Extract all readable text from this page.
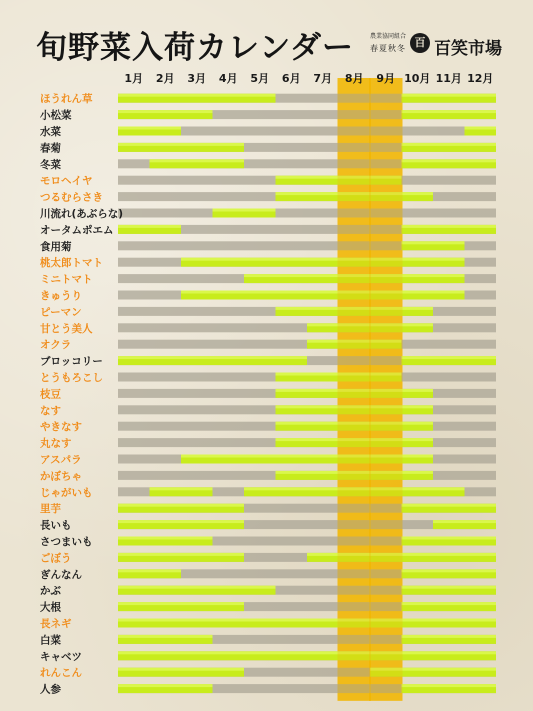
旬野菜入荷カレンダー	農業協同組合
春夏秋冬 百 百笑市場
1月 2月 3月 4月 5月 6月 7月 8月 9月 10月 11月 12月
ほうれん草
小松菜
水菜
春菊
冬菜
モロヘイヤ
つるむらさき
川流れ(あぶらな)
オータムポエム
食用菊
桃太郎トマト
ミニトマト
きゅうり
ピーマン
甘とう美人
オクラ
ブロッコリー
とうもろこし
枝豆
なす
やきなす
丸なす
アスパラ
かぼちゃ
じゃがいも
里芋
長いも
さつまいも
ごぼう
ぎんなん
かぶ
大根
長ネギ
白菜
キャベツ
れんこん
人参
